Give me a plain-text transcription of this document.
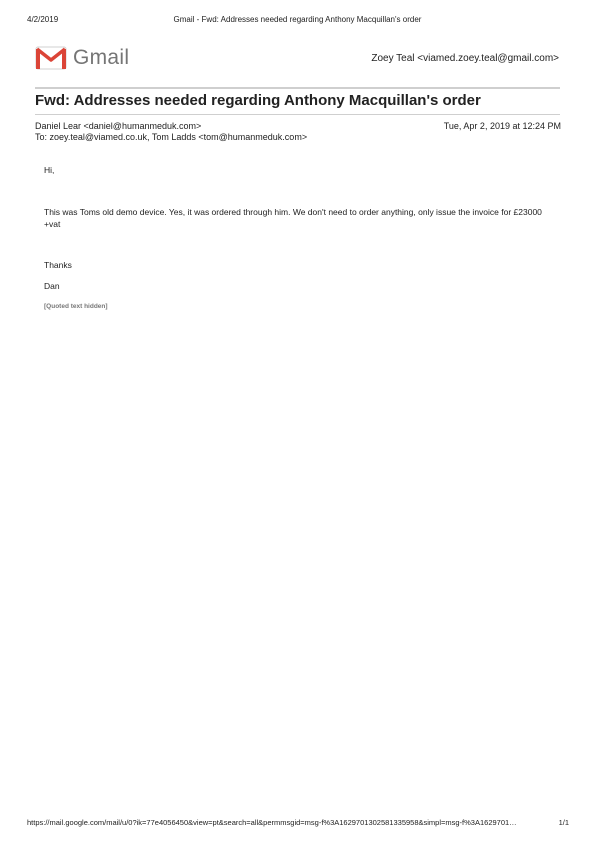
4/2/2019	Gmail - Fwd: Addresses needed regarding Anthony Macquillan's order
Gmail	Zoey Teal <viamed.zoey.teal@gmail.com>
Fwd: Addresses needed regarding Anthony Macquillan's order
Daniel Lear <daniel@humanmeduk.com>	Tue, Apr 2, 2019 at 12:24 PM
To: zoey.teal@viamed.co.uk, Tom Ladds <tom@humanmeduk.com>
Hi,
This was Toms old demo device. Yes, it was ordered through him. We don't need to order anything, only issue the invoice for £23000 +vat
Thanks
Dan
[Quoted text hidden]
https://mail.google.com/mail/u/0?ik=77e4056450&view=pt&search=all&permmsgid=msg-f%3A1629701302581335958&simpl=msg-f%3A1629701…	1/1
